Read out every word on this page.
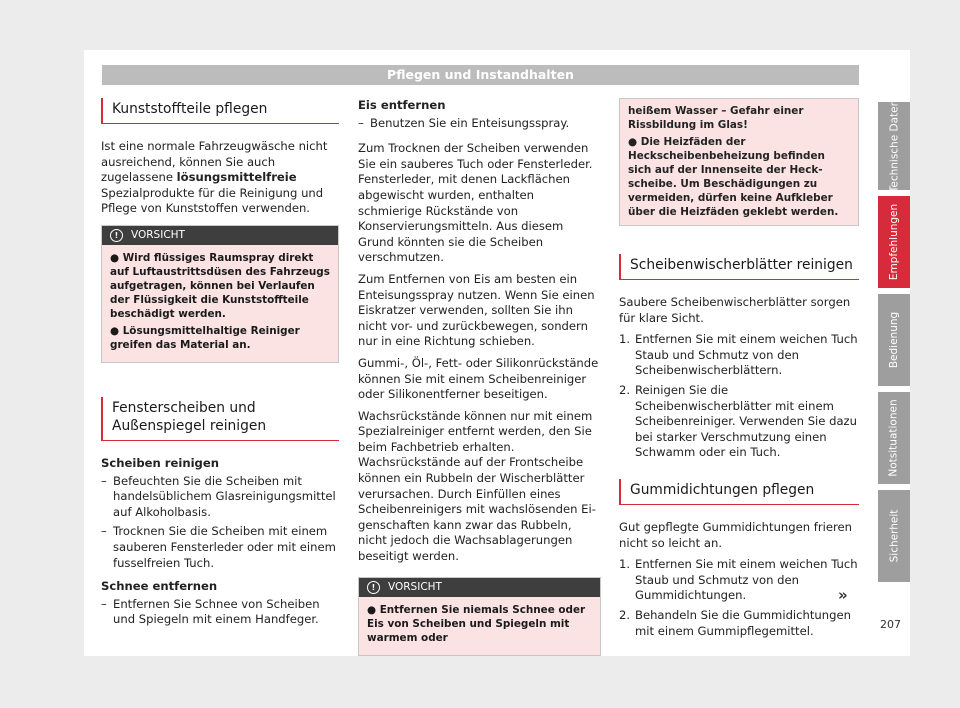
Pflegen und Instandhalten
Kunststoffteile pflegen

Ist eine normale Fahrzeugwäsche nicht ausreichend, können Sie auch zugelassene lösungsmittelfreie Spezialprodukte für die Reinigung und Pflege von Kunststoffen verwenden.

!	VORSICHT
● Wird flüssiges Raumspray direkt auf Luftaustrittsdüsen des Fahrzeugs aufgetragen, können bei Verlaufen der Flüssigkeit die Kunststoffteile beschädigt werden.
● Lösungsmittelhaltige Reiniger greifen das Material an.
Fensterscheiben und Außenspiegel reinigen
Scheiben reinigen
– Befeuchten Sie die Scheiben mit handelsüblichem Glasreinigungsmittel auf Alkoholbasis.
– Trocknen Sie die Scheiben mit einem sauberen Fensterleder oder mit einem fusselfreien Tuch.
Schnee entfernen
– Entfernen Sie Schnee von Scheiben und Spiegeln mit einem Handfeger.
Eis entfernen
– Benutzen Sie ein Enteisungsspray.

Zum Trocknen der Scheiben verwenden Sie ein sauberes Tuch oder Fensterleder. Fensterleder, mit denen Lackflächen abgewischt wurden, enthalten schmierige Rückstände von Konservierungsmitteln. Aus diesem Grund könnten sie die Scheiben verschmutzen.

Zum Entfernen von Eis am besten ein Enteisungsspray nutzen. Wenn Sie einen Eiskratzer verwenden, sollten Sie ihn nicht vor- und zurückbewegen, sondern nur in eine Richtung schieben.

Gummi-, Öl-, Fett- oder Silikonrückstände können Sie mit einem Scheibenreiniger oder Silikonentferner beseitigen.

Wachsrückstände können nur mit einem Spezialreiniger entfernt werden, den Sie beim Fachbetrieb erhalten. Wachsrückstände auf der Frontscheibe können ein Rubbeln der Wischerblätter verursachen. Durch Einfüllen eines Scheibenreinigers mit wachslösenden Eigenschaften kann zwar das Rubbeln, nicht jedoch die Wachsablagerungen beseitigt werden.

!	VORSICHT
● Entfernen Sie niemals Schnee oder Eis von Scheiben und Spiegeln mit warmem oder
heißem Wasser – Gefahr einer Rissbildung im Glas!
● Die Heizfäden der Heckscheibenbeheizung befinden sich auf der Innenseite der Heckscheibe. Um Beschädigungen zu vermeiden, dürfen keine Aufkleber über die Heizfäden geklebt werden.
Scheibenwischerblätter reinigen

Saubere Scheibenwischerblätter sorgen für klare Sicht.

1. Entfernen Sie mit einem weichen Tuch Staub und Schmutz von den Scheibenwischerblättern.
2. Reinigen Sie die Scheibenwischerblätter mit einem Scheibenreiniger. Verwenden Sie dazu bei starker Verschmutzung einen Schwamm oder ein Tuch.
Gummidichtungen pflegen

Gut gepflegte Gummidichtungen frieren nicht so leicht an.

1. Entfernen Sie mit einem weichen Tuch Staub und Schmutz von den Gummidichtungen.
2. Behandeln Sie die Gummidichtungen mit einem Gummipflegemittel.
»
Technische Daten
Empfehlungen
Bedienung
Notsituationen
Sicherheit
207
